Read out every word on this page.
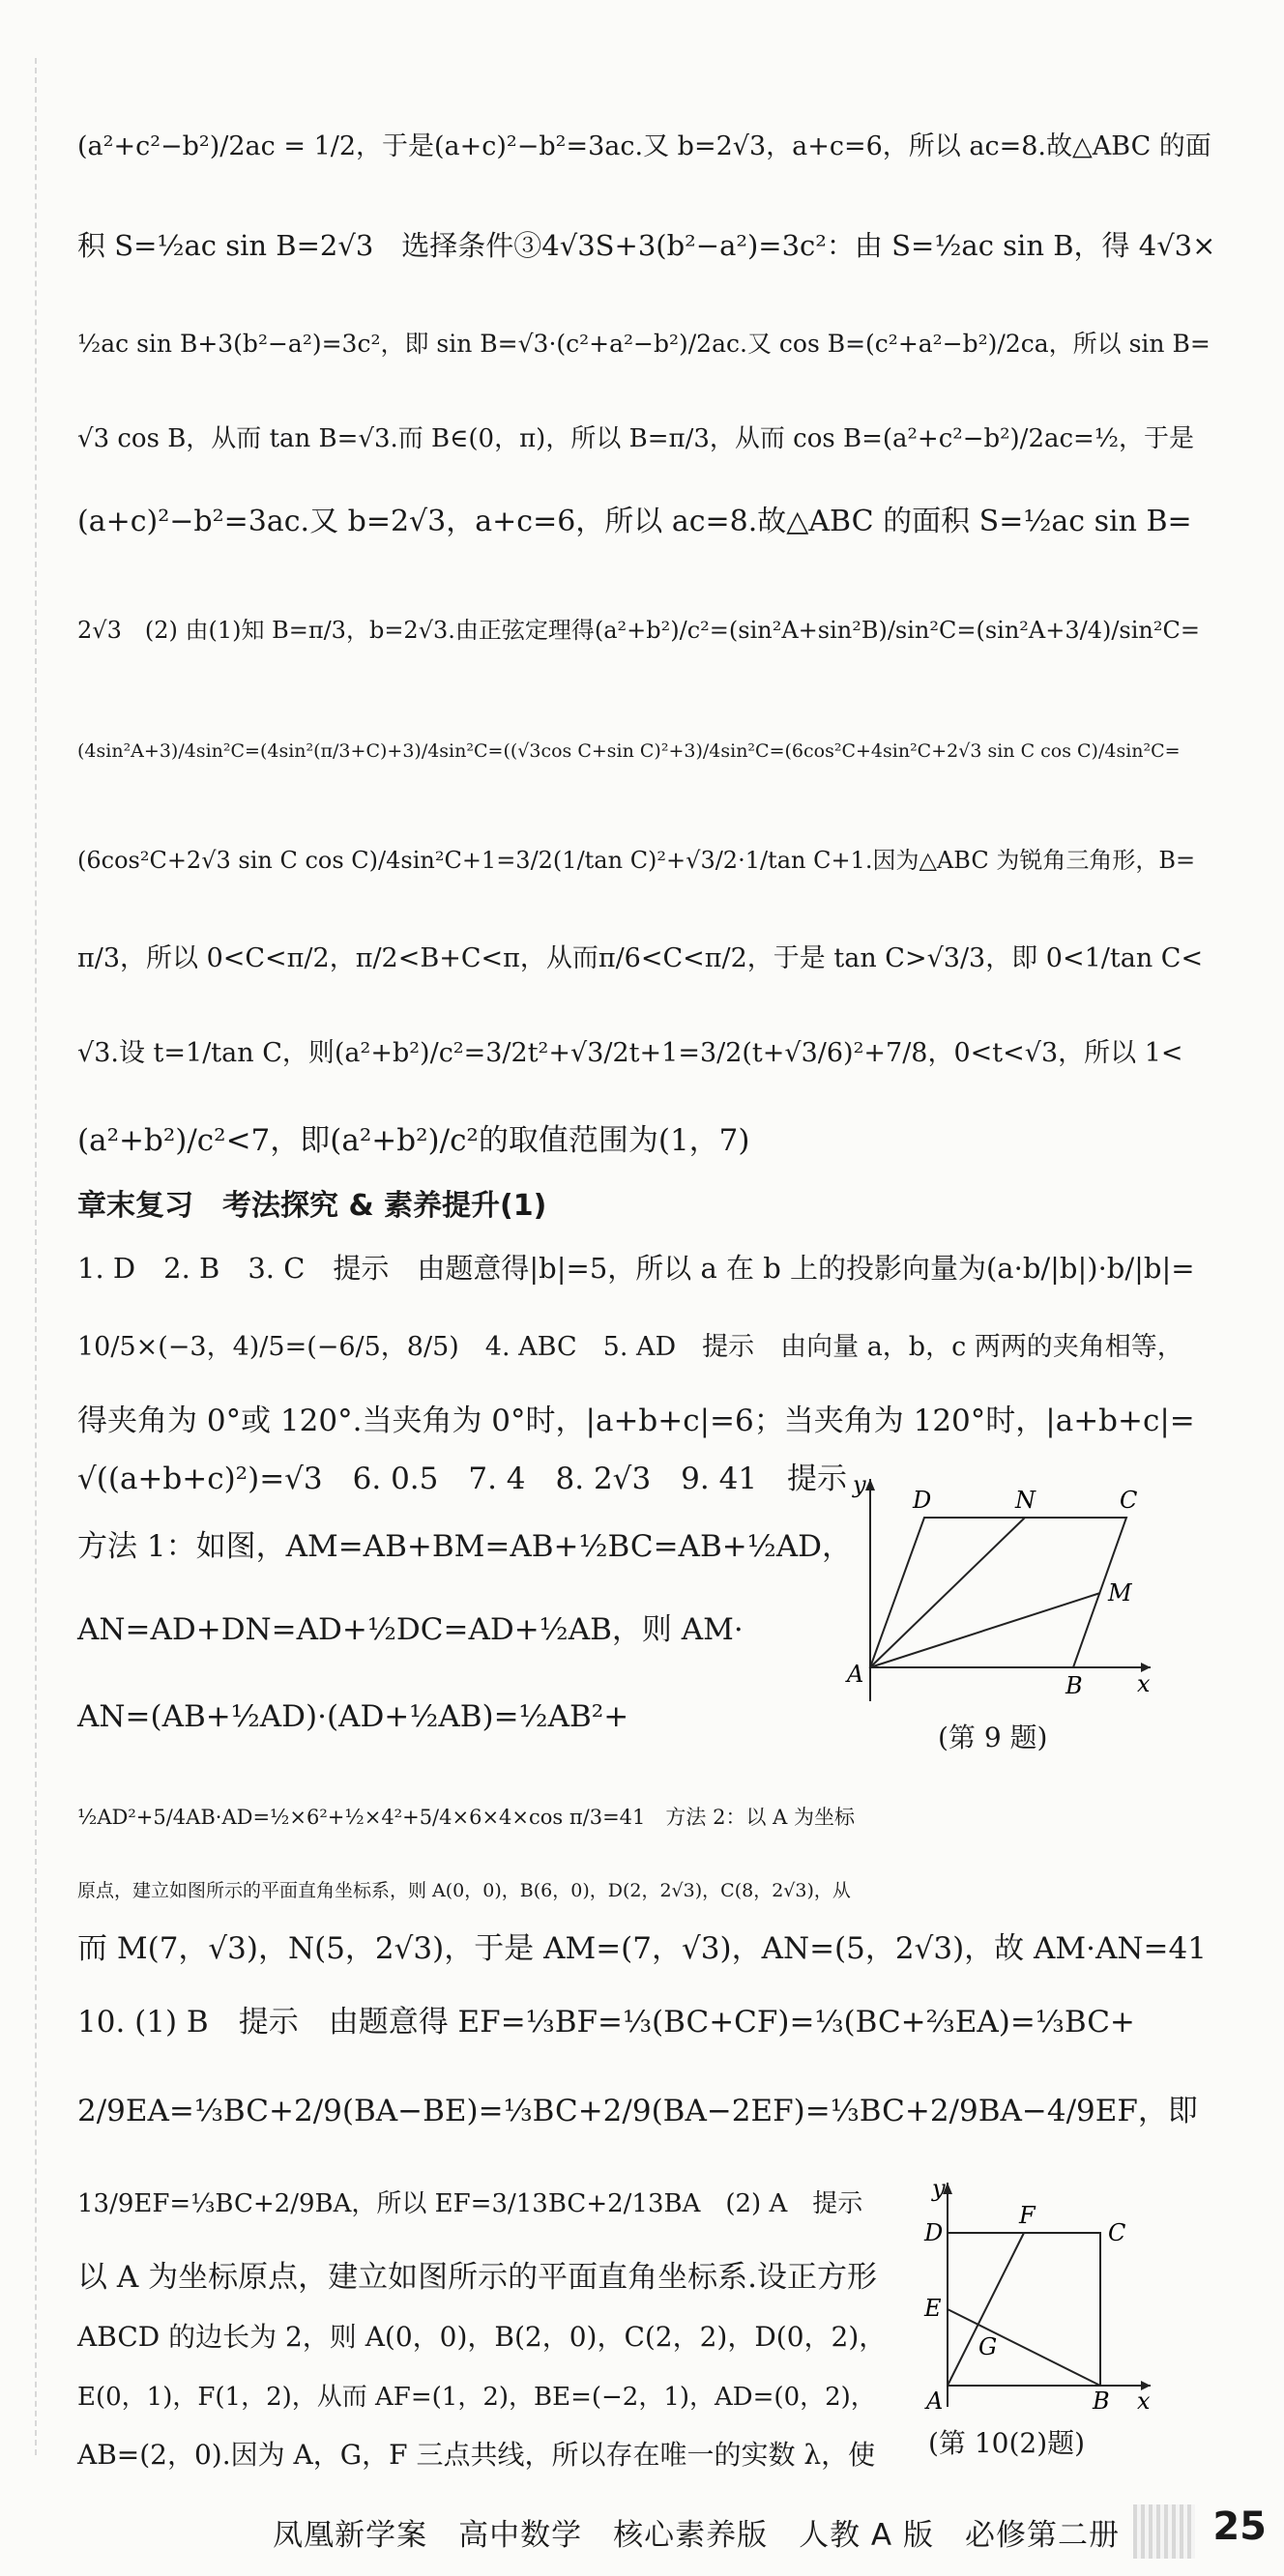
(a²+c²−b²)/2ac = 1/2，于是(a+c)²−b²=3ac.又 b=2√3，a+c=6，所以 ac=8.故△ABC 的面
积 S=½ac sin B=2√3　选择条件③4√3S+3(b²−a²)=3c²：由 S=½ac sin B，得 4√3×
½ac sin B+3(b²−a²)=3c²，即 sin B=√3·(c²+a²−b²)/2ac.又 cos B=(c²+a²−b²)/2ca，所以 sin B=
√3 cos B，从而 tan B=√3.而 B∈(0，π)，所以 B=π/3，从而 cos B=(a²+c²−b²)/2ac=½，于是
(a+c)²−b²=3ac.又 b=2√3，a+c=6，所以 ac=8.故△ABC 的面积 S=½ac sin B=
2√3　(2) 由(1)知 B=π/3，b=2√3.由正弦定理得(a²+b²)/c²=(sin²A+sin²B)/sin²C=(sin²A+3/4)/sin²C=
(4sin²A+3)/4sin²C=(4sin²(π/3+C)+3)/4sin²C=((√3cos C+sin C)²+3)/4sin²C=(6cos²C+4sin²C+2√3 sin C cos C)/4sin²C=
(6cos²C+2√3 sin C cos C)/4sin²C+1=3/2(1/tan C)²+√3/2·1/tan C+1.因为△ABC 为锐角三角形，B=
π/3，所以 0<C<π/2，π/2<B+C<π，从而π/6<C<π/2，于是 tan C>√3/3，即 0<1/tan C<
√3.设 t=1/tan C，则(a²+b²)/c²=3/2t²+√3/2t+1=3/2(t+√3/6)²+7/8，0<t<√3，所以 1<
(a²+b²)/c²<7，即(a²+b²)/c²的取值范围为(1，7)
章末复习　考法探究 & 素养提升(1)
1. D　2. B　3. C　提示　由题意得|b|=5，所以 a 在 b 上的投影向量为(a·b/|b|)·b/|b|=
10/5×(−3，4)/5=(−6/5，8/5)　4. ABC　5. AD　提示　由向量 a，b，c 两两的夹角相等，
得夹角为 0°或 120°.当夹角为 0°时，|a+b+c|=6；当夹角为 120°时，|a+b+c|=
√((a+b+c)²)=√3　6. 0.5　7. 4　8. 2√3　9. 41　提示
方法 1：如图，AM=AB+BM=AB+½BC=AB+½AD，
AN=AD+DN=AD+½DC=AD+½AB，则 AM·
AN=(AB+½AD)·(AD+½AB)=½AB²+
½AD²+5/4AB·AD=½×6²+½×4²+5/4×6×4×cos π/3=41　方法 2：以 A 为坐标
原点，建立如图所示的平面直角坐标系，则 A(0，0)，B(6，0)，D(2，2√3)，C(8，2√3)，从
而 M(7，√3)，N(5，2√3)，于是 AM=(7，√3)，AN=(5，2√3)，故 AM·AN=41
10. (1) B　提示　由题意得 EF=⅓BF=⅓(BC+CF)=⅓(BC+⅔EA)=⅓BC+
2/9EA=⅓BC+2/9(BA−BE)=⅓BC+2/9(BA−2EF)=⅓BC+2/9BA−4/9EF，即
13/9EF=⅓BC+2/9BA，所以 EF=3/13BC+2/13BA　(2) A　提示
以 A 为坐标原点，建立如图所示的平面直角坐标系.设正方形
ABCD 的边长为 2，则 A(0，0)，B(2，0)，C(2，2)，D(0，2)，
E(0，1)，F(1，2)，从而 AF=(1，2)，BE=(−2，1)，AD=(0，2)，
AB=(2，0).因为 A，G，F 三点共线，所以存在唯一的实数 λ，使
y
x
A	B
C
D	N
M
(第 9 题)
y
x
A	B
C
D
E
F
G
(第 10(2)题)
凤凰新学案　高中数学　核心素养版　人教 A 版　必修第二册 25
